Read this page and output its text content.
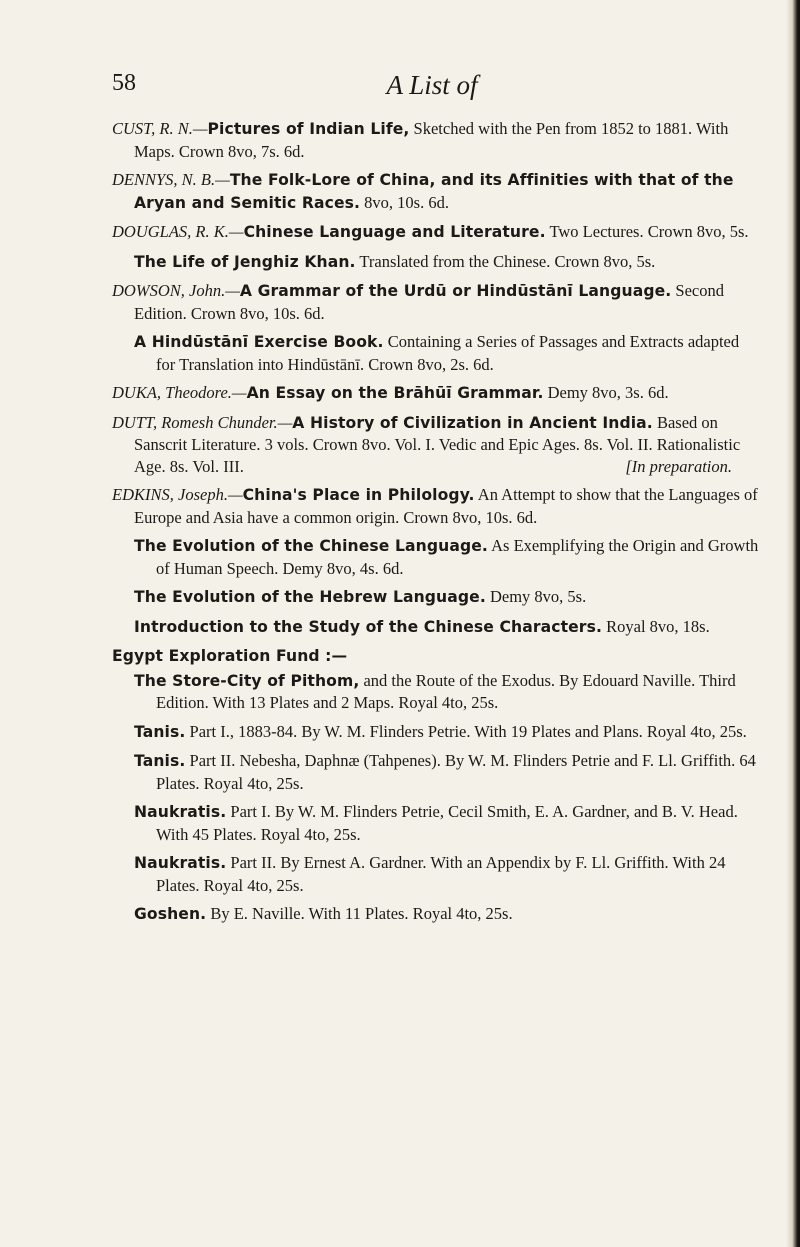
58	A List of

CUST, R. N.—Pictures of Indian Life, Sketched with the Pen from 1852 to 1881. With Maps. Crown 8vo, 7s. 6d.

DENNYS, N. B.—The Folk-Lore of China, and its Affinities with that of the Aryan and Semitic Races. 8vo, 10s. 6d.

DOUGLAS, R. K.—Chinese Language and Literature. Two Lectures. Crown 8vo, 5s.

The Life of Jenghiz Khan. Translated from the Chinese. Crown 8vo, 5s.

DOWSON, John.—A Grammar of the Urdū or Hindūstānī Language. Second Edition. Crown 8vo, 10s. 6d.

A Hindūstānī Exercise Book. Containing a Series of Passages and Extracts adapted for Translation into Hindūstānī. Crown 8vo, 2s. 6d.

DUKA, Theodore.—An Essay on the Brāhūī Grammar. Demy 8vo, 3s. 6d.

DUTT, Romesh Chunder.—A History of Civilization in Ancient India. Based on Sanscrit Literature. 3 vols. Crown 8vo. Vol. I. Vedic and Epic Ages. 8s. Vol. II. Rationalistic Age. 8s. Vol. III.	[In preparation.

EDKINS, Joseph.—China's Place in Philology. An Attempt to show that the Languages of Europe and Asia have a common origin. Crown 8vo, 10s. 6d.

The Evolution of the Chinese Language. As Exemplifying the Origin and Growth of Human Speech. Demy 8vo, 4s. 6d.

The Evolution of the Hebrew Language. Demy 8vo, 5s.

Introduction to the Study of the Chinese Characters. Royal 8vo, 18s.

Egypt Exploration Fund :—

The Store-City of Pithom, and the Route of the Exodus. By Edouard Naville. Third Edition. With 13 Plates and 2 Maps. Royal 4to, 25s.

Tanis. Part I., 1883-84. By W. M. Flinders Petrie. With 19 Plates and Plans. Royal 4to, 25s.

Tanis. Part II. Nebesha, Daphnæ (Tahpenes). By W. M. Flinders Petrie and F. Ll. Griffith. 64 Plates. Royal 4to, 25s.

Naukratis. Part I. By W. M. Flinders Petrie, Cecil Smith, E. A. Gardner, and B. V. Head. With 45 Plates. Royal 4to, 25s.

Naukratis. Part II. By Ernest A. Gardner. With an Appendix by F. Ll. Griffith. With 24 Plates. Royal 4to, 25s.

Goshen. By E. Naville. With 11 Plates. Royal 4to, 25s.
